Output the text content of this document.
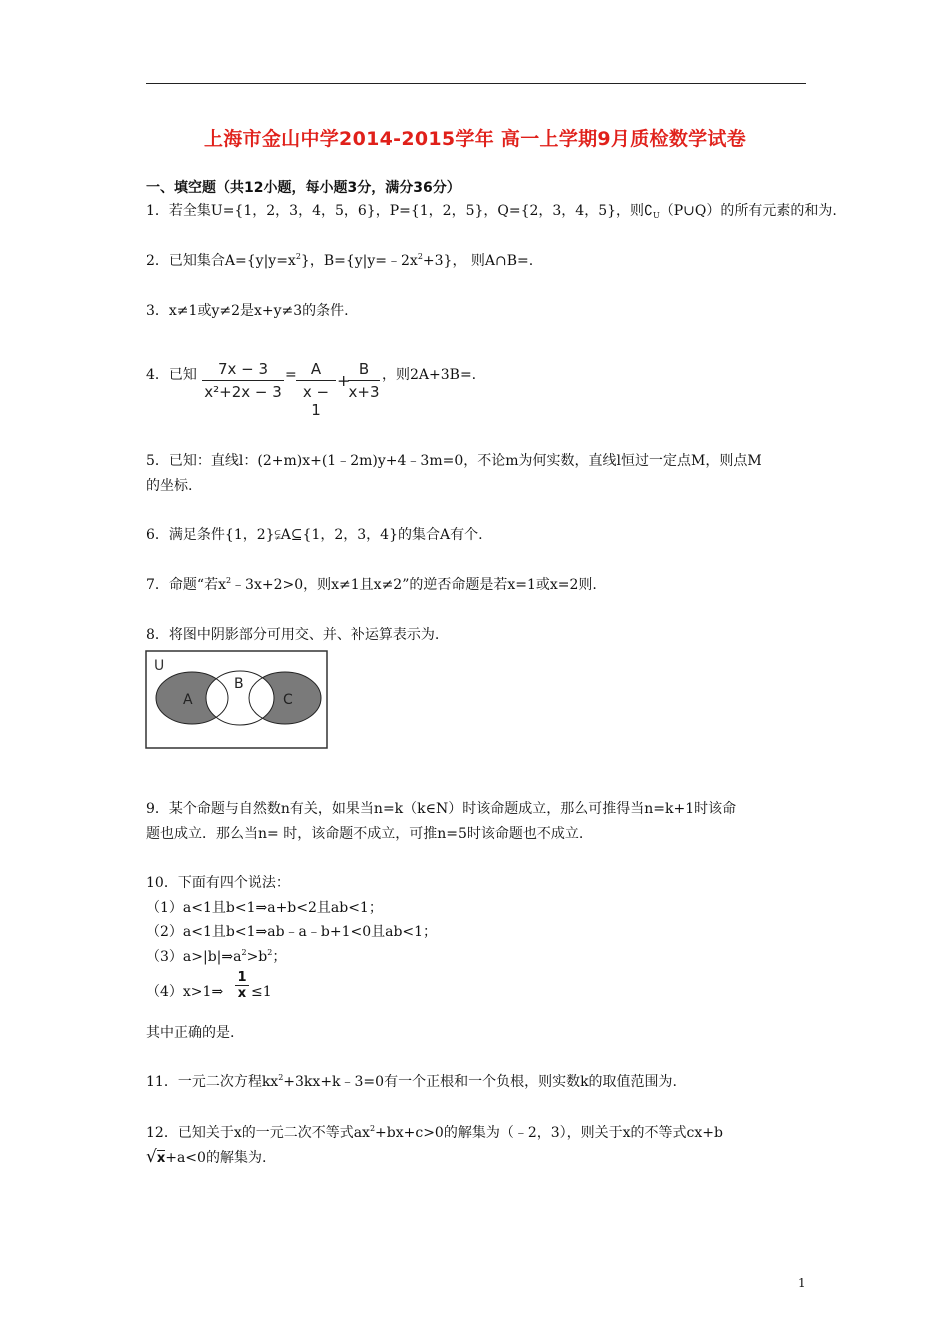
上海市金山中学2014-2015学年 高一上学期9月质检数学试卷
一、填空题（共12小题，每小题3分，满分36分）
1．若全集U={1，2，3，4，5，6}，P={1，2，5}，Q={2，3，4，5}，则$∁_U(P\cup Q)$的所有元素的和为.
2．已知集合$A=\{y|y=x^2\}$，$B=\{y|y=﹣2x^2+3\}$， 则A∩B=.
3．x≠1或y≠2是x+y≠3的条件.
4．已知 $\frac{7x - 3}{\text{x²+2x − 3}} = \frac{A}{x - 1}$ +
$\frac{B}{x+3}$ ，则2A+3B=.
5．已知：直线l：(2+m)x+(1﹣2m)y+4﹣3m=0，不论m为何实数，直线l恒过一定点M，则点M
的坐标.
6．满足条件{1，2}⫋A⊆{1，2，3，4}的集合A有个.
7．命题“若$x^2﹣3x+2>0$，则x≠1且x≠2”的逆否命题是若x=1或x=2则.
8．将图中阴影部分可用交、并、补运算表示为.
U
A
B
C
9．某个命题与自然数n有关，如果当n=k（k∈N）时该命题成立，那么可推得当n=k+1时该命
题也成立．那么当n= 时，该命题不成立，可推n=5时该命题也不成立.
10．下面有四个说法：
（1）a<1且b<1⇒a+b<2且ab<1；
（2）a<1且b<1⇒ab﹣a﹣b+1<0且ab<1；
$(3)a>|b|\Rightarrow a^2>b^2$；
（4）x>1⇒ $\frac{1}{x} \le 1$
其中正确的是.
11．一元二次方程$kx^2+3kx+k﹣3=0$有一个正根和一个负根，则实数k的取值范围为.
12．已知关于x的一元二次不等式$ax^2+bx+c>0$的解集为（﹣2，3），则关于x的不等式cx+b
√x+a<0的解集为.
1
